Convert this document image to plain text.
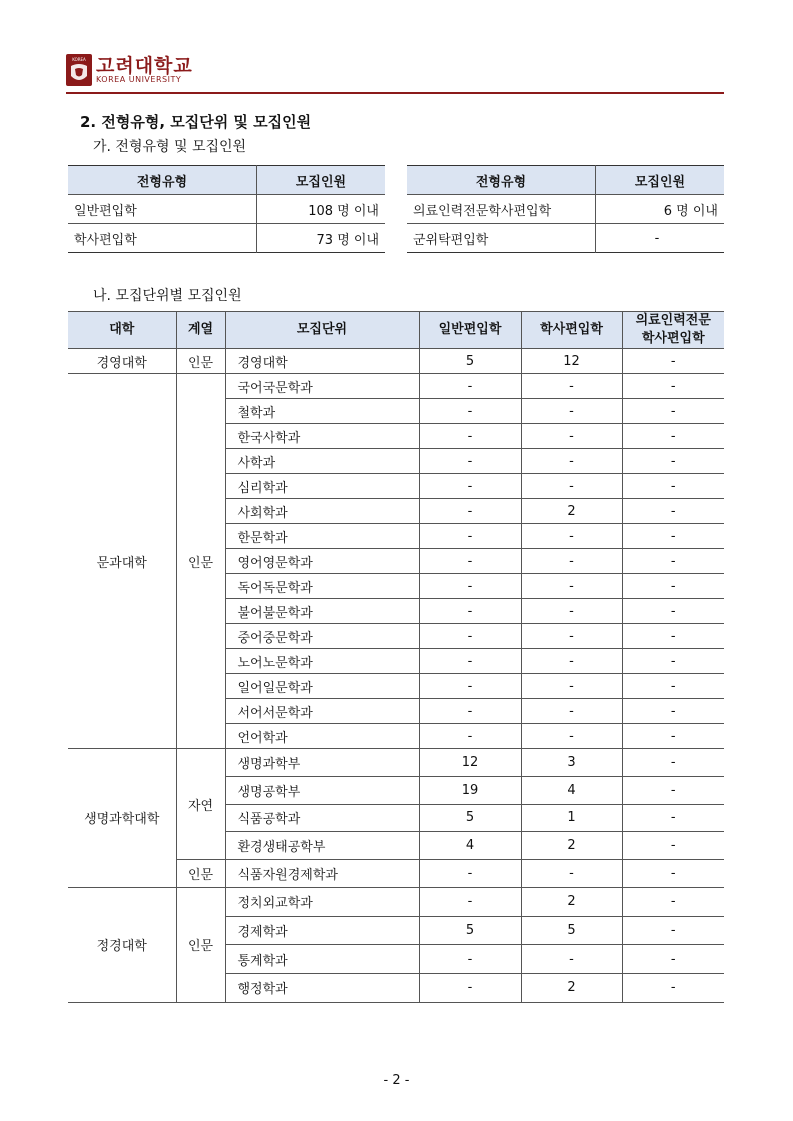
KOREA 고려대학교
KOREA UNIVERSITY
2. 전형유형, 모집단위 및 모집인원
가. 전형유형 및 모집인원
전형유형	모집인원
일반편입학	108 명 이내
학사편입학	73 명 이내
전형유형	모집인원
의료인력전문학사편입학	6 명 이내
군위탁편입학	-
나. 모집단위별 모집인원
대학	계열	모집단위	일반편입학	학사편입학	의료인력전문
학사편입학
경영대학	인문	경영대학	5	12	-
문과대학	인문	국어국문학과	-	-	-
		철학과	-	-	-
		한국사학과	-	-	-
		사학과	-	-	-
		심리학과	-	-	-
		사회학과	-	2	-
		한문학과	-	-	-
		영어영문학과	-	-	-
		독어독문학과	-	-	-
		불어불문학과	-	-	-
		중어중문학과	-	-	-
		노어노문학과	-	-	-
		일어일문학과	-	-	-
		서어서문학과	-	-	-
		언어학과	-	-	-
생명과학대학	자연	생명과학부	12	3	-
		생명공학부	19	4	-
		식품공학과	5	1	-
		환경생태공학부	4	2	-
	인문	식품자원경제학과	-	-	-
정경대학	인문	정치외교학과	-	2	-
		경제학과	5	5	-
		통계학과	-	-	-
		행정학과	-	2	-
- 2 -
